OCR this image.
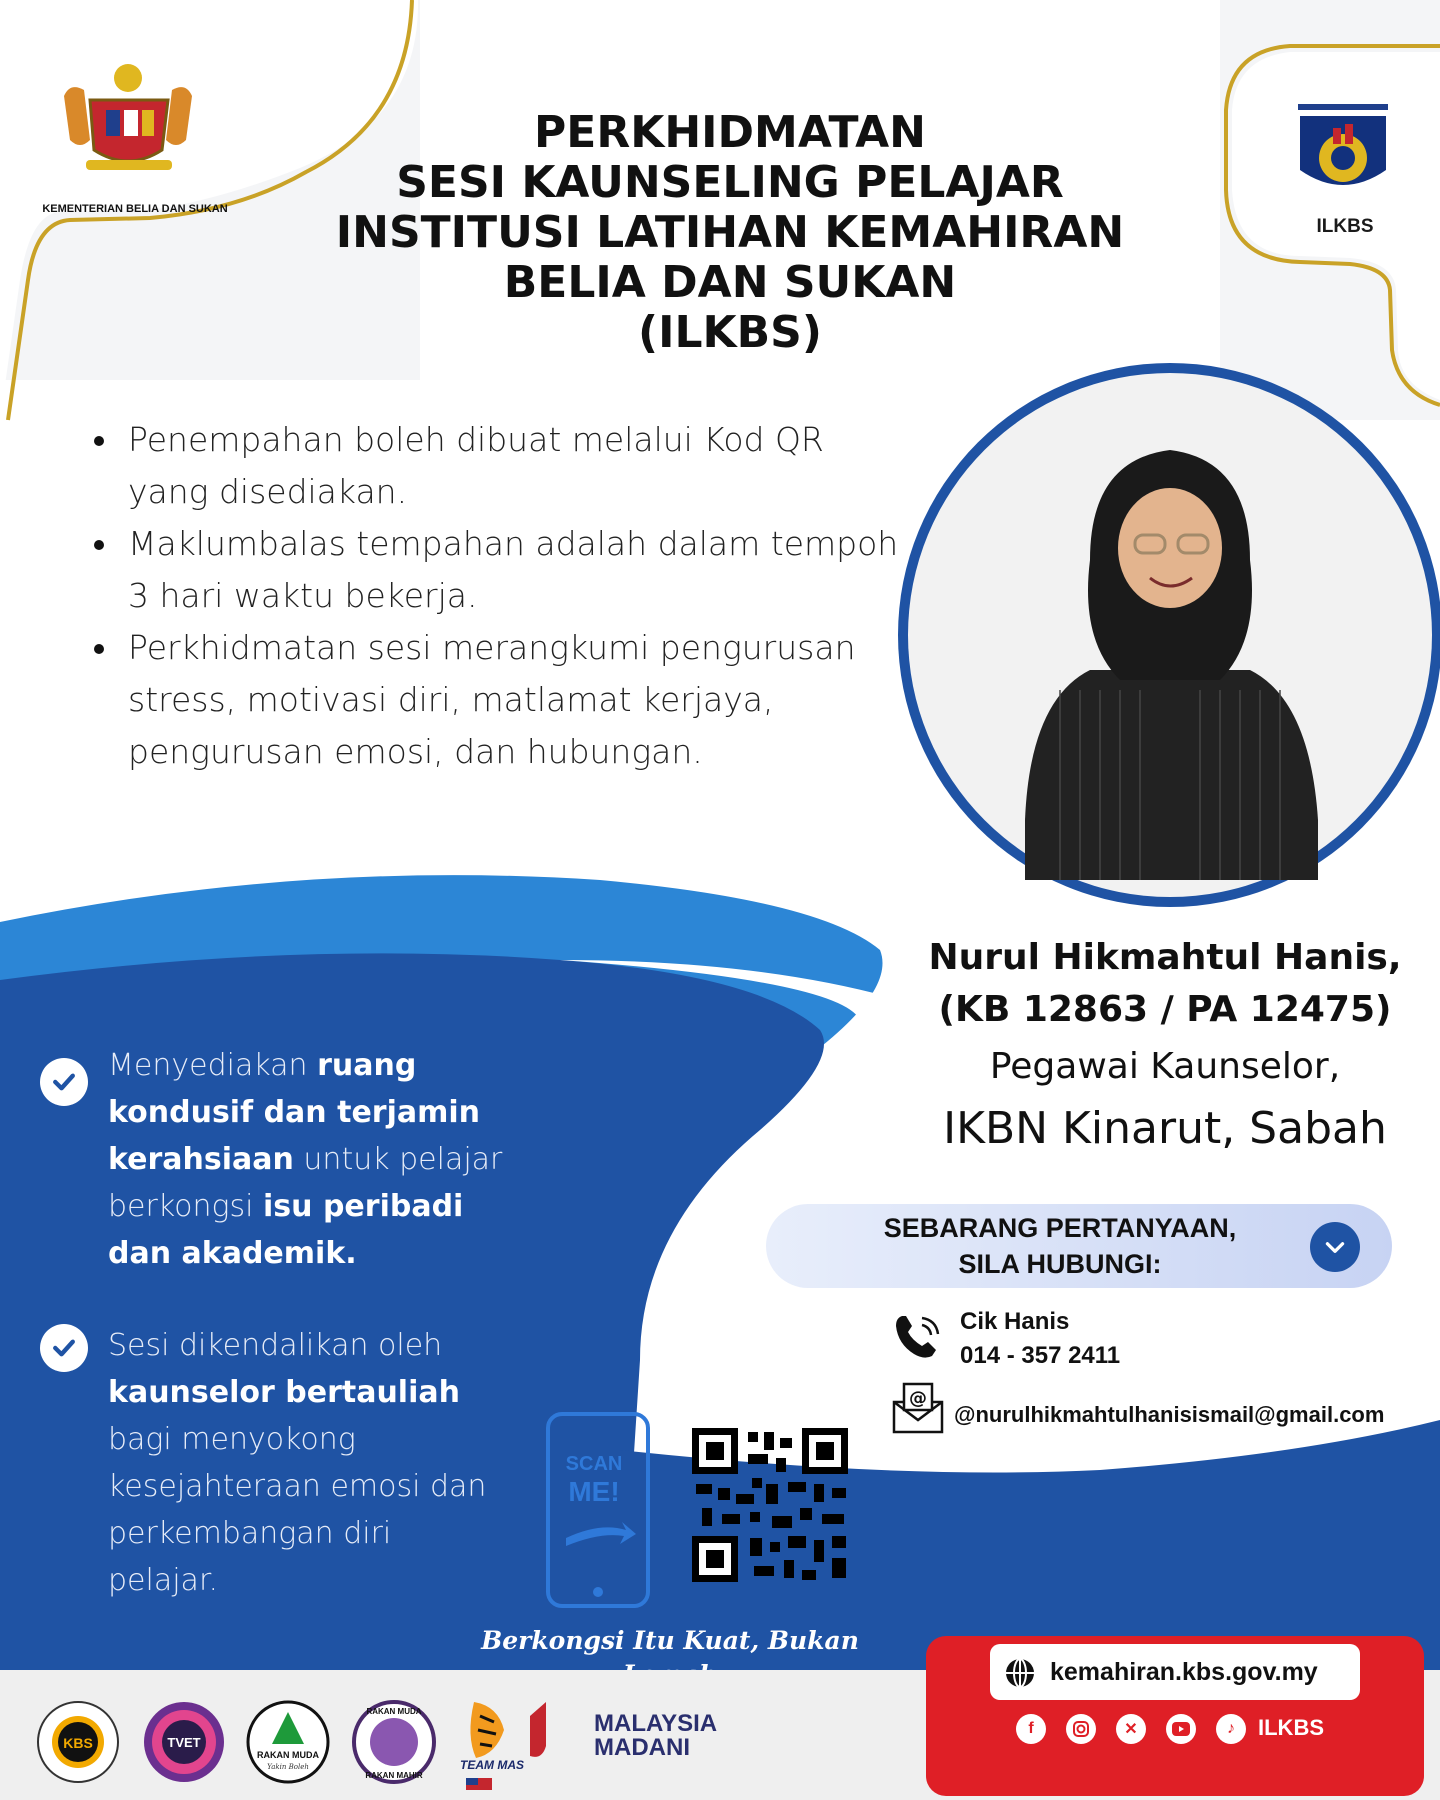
KEMENTERIAN BELIA DAN SUKAN
ILKBS
PERKHIDMATAN
SESI KAUNSELING PELAJAR
INSTITUSI LATIHAN KEMAHIRAN
BELIA DAN SUKAN
(ILKBS)
Penempahan boleh dibuat melalui Kod QR yang disediakan.
Maklumbalas tempahan adalah dalam tempoh 3 hari waktu bekerja.
Perkhidmatan sesi merangkumi pengurusan stress, motivasi diri, matlamat kerjaya, pengurusan emosi, dan hubungan.
Nurul Hikmahtul Hanis,
(KB 12863 / PA 12475)
Pegawai Kaunselor,
IKBN Kinarut, Sabah
SEBARANG PERTANYAAN,
SILA HUBUNGI:
Cik Hanis
014 - 357 2411
@
@nurulhikmahtulhanisismail@gmail.com
Menyediakan ruang
kondusif dan terjamin
kerahsiaan untuk pelajar
berkongsi isu peribadi
dan akademik.
Sesi dikendalikan oleh
kaunselor bertauliah
bagi menyokong
kesejahteraan emosi dan
perkembangan diri
pelajar.
SCAN
ME!
Berkongsi Itu Kuat, Bukan
KBS	TVET
RAKAN MUDA
Yakin Boleh
RAKAN MUDA
RAKAN MAHIR
TEAM MAS
MALAYSIA
MADANI
kemahiran.kbs.gov.my
f	✕	♪	ILKBS
